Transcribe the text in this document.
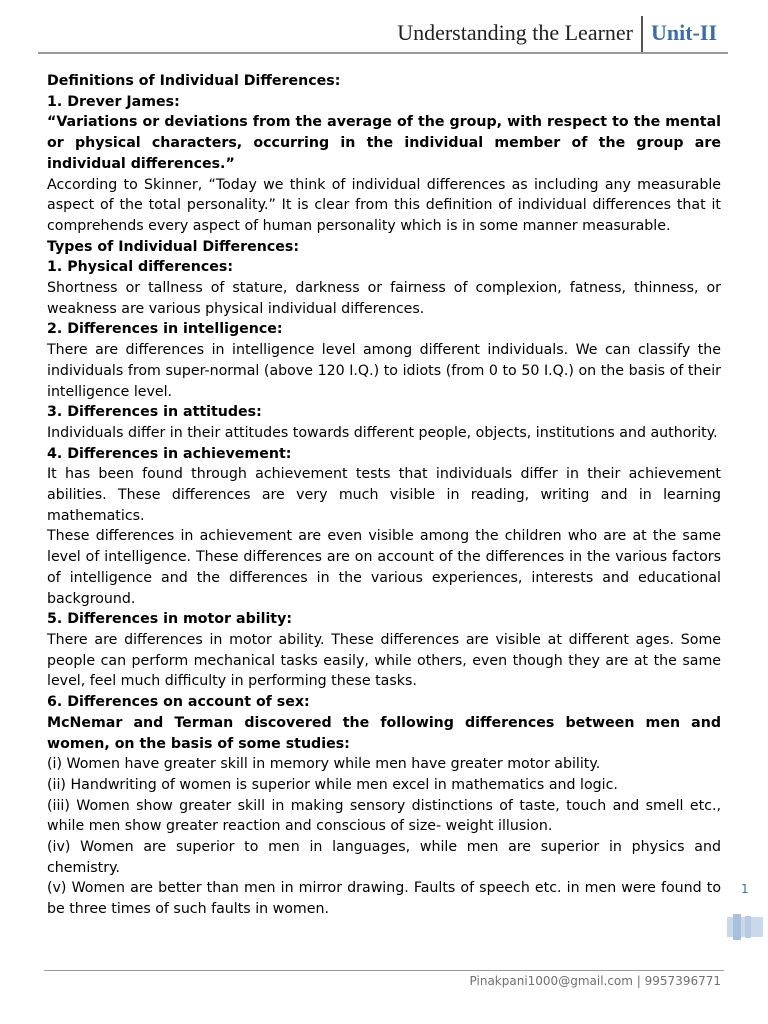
Understanding the Learner Unit-II

Definitions of Individual Differences:

1. Drever James:

“Variations or deviations from the average of the group, with respect to the mental or physical characters, occurring in the individual member of the group are individual differences.”

According to Skinner, “Today we think of individual differences as including any measurable aspect of the total personality.” It is clear from this definition of individual differences that it comprehends every aspect of human personality which is in some manner measurable.

Types of Individual Differences:

1. Physical differences:

Shortness or tallness of stature, darkness or fairness of complexion, fatness, thinness, or weakness are various physical individual differences.

2. Differences in intelligence:

There are differences in intelligence level among different individuals. We can classify the individuals from super-normal (above 120 I.Q.) to idiots (from 0 to 50 I.Q.) on the basis of their intelligence level.

3. Differences in attitudes:

Individuals differ in their attitudes towards different people, objects, institutions and authority.

4. Differences in achievement:

It has been found through achievement tests that individuals differ in their achievement abilities. These differences are very much visible in reading, writing and in learning mathematics.

These differences in achievement are even visible among the children who are at the same level of intelligence. These differences are on account of the differences in the various factors of intelligence and the differences in the various experiences, interests and educational background.

5. Differences in motor ability:

There are differences in motor ability. These differences are visible at different ages. Some people can perform mechanical tasks easily, while others, even though they are at the same level, feel much difficulty in performing these tasks.

6. Differences on account of sex:

McNemar and Terman discovered the following differences between men and women, on the basis of some studies:

(i) Women have greater skill in memory while men have greater motor ability.

(ii) Handwriting of women is superior while men excel in mathematics and logic.

(iii) Women show greater skill in making sensory distinctions of taste, touch and smell etc., while men show greater reaction and conscious of size- weight illusion.

(iv) Women are superior to men in languages, while men are superior in physics and chemistry.

(v) Women are better than men in mirror drawing. Faults of speech etc. in men were found to be three times of such faults in women.

1
Pinakpani1000@gmail.com | 9957396771
